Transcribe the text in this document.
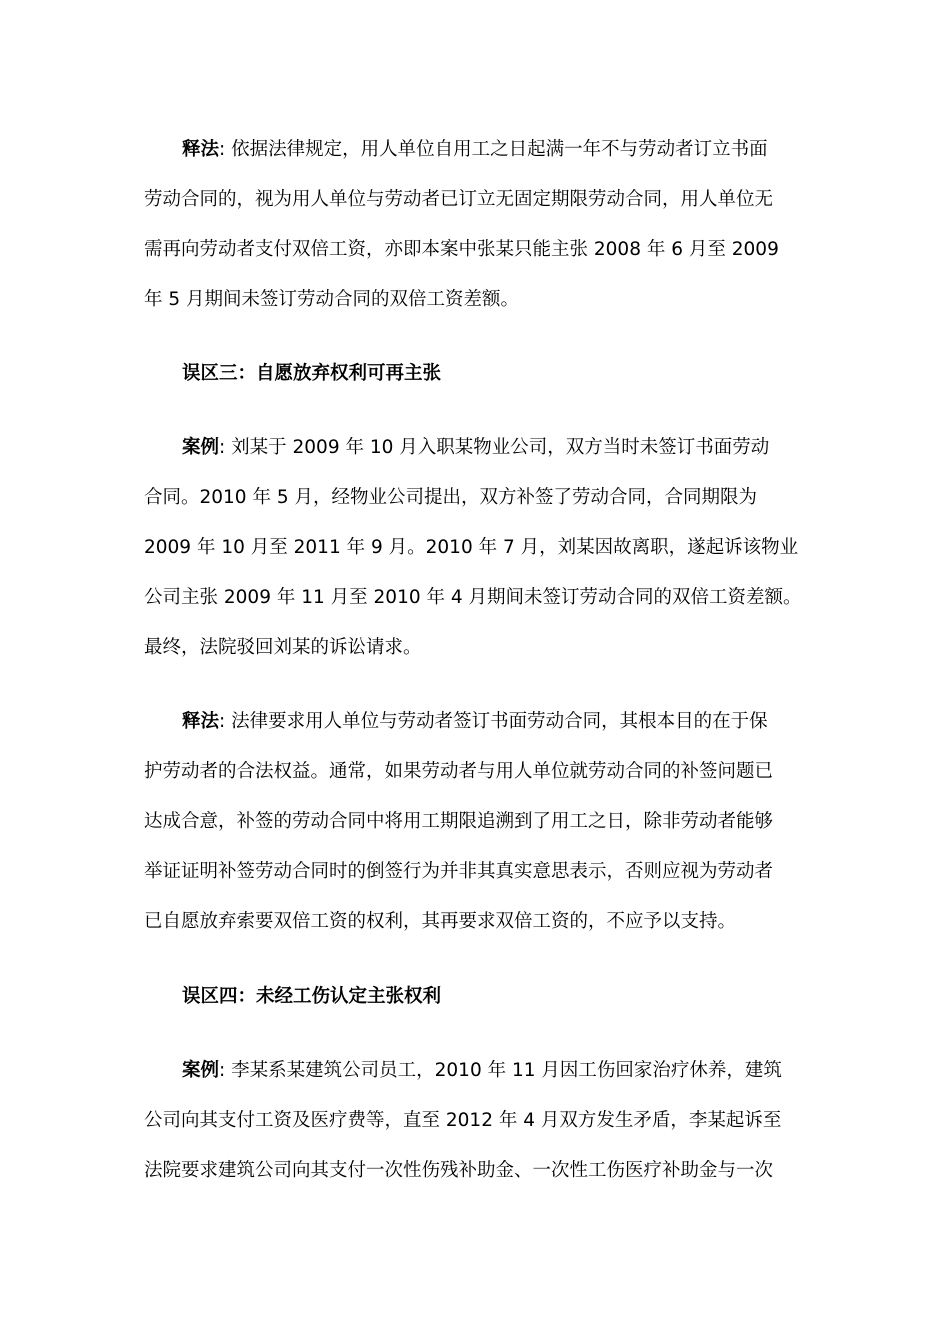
释法: 依据法律规定，用人单位自用工之日起满一年不与劳动者订立书面
劳动合同的，视为用人单位与劳动者已订立无固定期限劳动合同，用人单位无
需再向劳动者支付双倍工资，亦即本案中张某只能主张 2008 年 6 月至 2009
年 5 月期间未签订劳动合同的双倍工资差额。

误区三：自愿放弃权利可再主张

案例: 刘某于 2009 年 10 月入职某物业公司，双方当时未签订书面劳动
合同。2010 年 5 月，经物业公司提出，双方补签了劳动合同，合同期限为
2009 年 10 月至 2011 年 9 月。2010 年 7 月，刘某因故离职，遂起诉该物业
公司主张 2009 年 11 月至 2010 年 4 月期间未签订劳动合同的双倍工资差额。
最终，法院驳回刘某的诉讼请求。

释法: 法律要求用人单位与劳动者签订书面劳动合同，其根本目的在于保
护劳动者的合法权益。通常，如果劳动者与用人单位就劳动合同的补签问题已
达成合意，补签的劳动合同中将用工期限追溯到了用工之日，除非劳动者能够
举证证明补签劳动合同时的倒签行为并非其真实意思表示，否则应视为劳动者
已自愿放弃索要双倍工资的权利，其再要求双倍工资的，不应予以支持。

误区四：未经工伤认定主张权利

案例: 李某系某建筑公司员工，2010 年 11 月因工伤回家治疗休养，建筑
公司向其支付工资及医疗费等，直至 2012 年 4 月双方发生矛盾，李某起诉至
法院要求建筑公司向其支付一次性伤残补助金、一次性工伤医疗补助金与一次
